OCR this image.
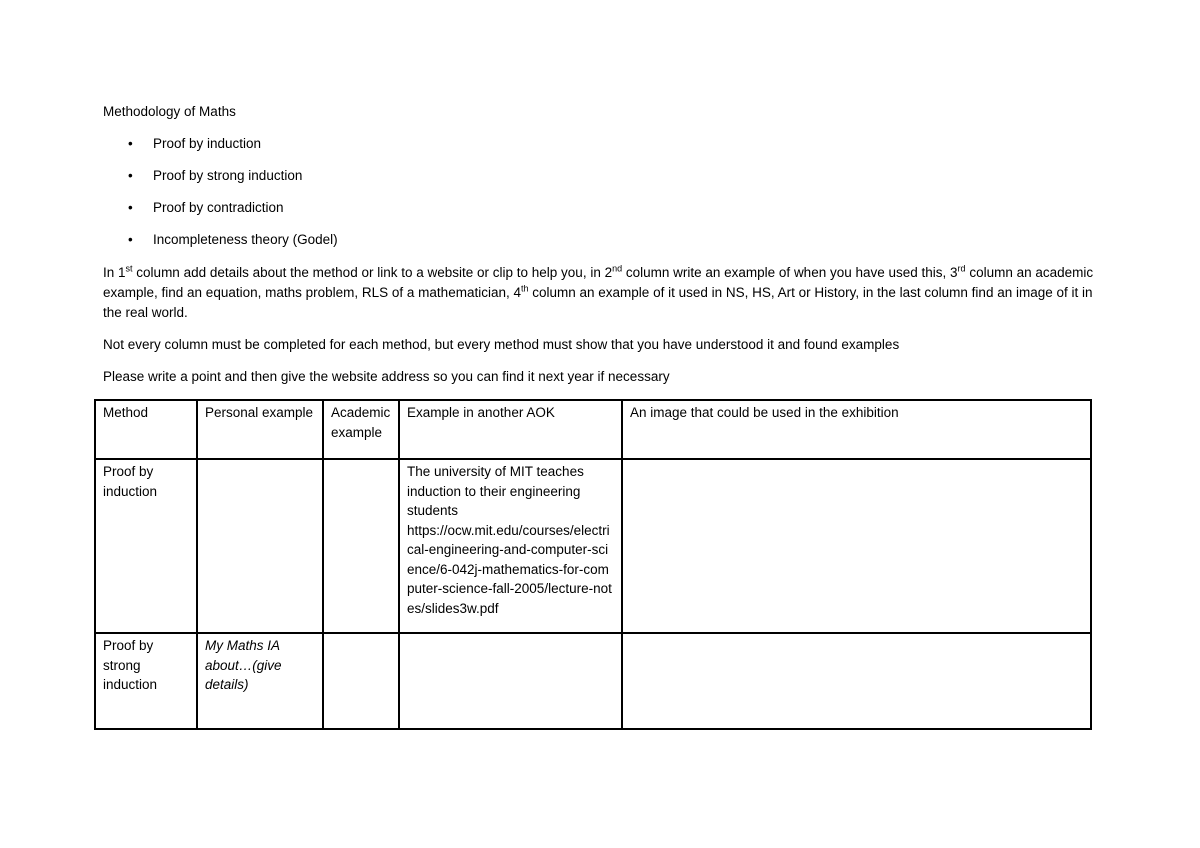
Methodology of Maths
• Proof by induction
• Proof by strong induction
• Proof by contradiction
• Incompleteness theory (Godel)

In 1st column add details about the method or link to a website or clip to help you, in 2nd column write an example of when you have used this, 3rd column an academic example, find an equation, maths problem, RLS of a mathematician, 4th column an example of it used in NS, HS, Art or History, in the last column find an image of it in the real world.

Not every column must be completed for each method, but every method must show that you have understood it and found examples

Please write a point and then give the website address so you can find it next year if necessary

Method	Personal example	Academic example	Example in another AOK	An image that could be used in the exhibition
Proof by induction			The university of MIT teaches induction to their engineering students
https://ocw.mit.edu/courses/electrical-engineering-and-computer-science/6-042j-mathematics-for-computer-science-fall-2005/lecture-notes/slides3w.pdf	

Proof by strong induction	My Maths IA about…(give details)			
